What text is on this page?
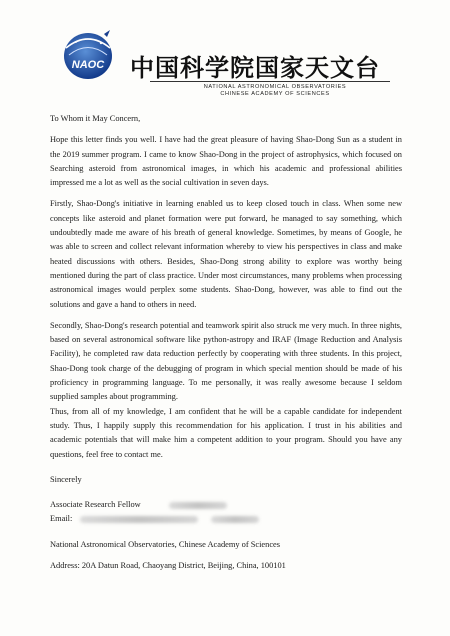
NAOC 中国科学院国家天文台
NATIONAL ASTRONOMICAL OBSERVATORIES
CHINESE ACADEMY OF SCIENCES

To Whom it May Concern,

Hope this letter finds you well. I have had the great pleasure of having Shao-Dong Sun as a student in the 2019 summer program. I came to know Shao-Dong in the project of astrophysics, which focused on Searching asteroid from astronomical images, in which his academic and professional abilities impressed me a lot as well as the social cultivation in seven days.

Firstly, Shao-Dong's initiative in learning enabled us to keep closed touch in class. When some new concepts like asteroid and planet formation were put forward, he managed to say something, which undoubtedly made me aware of his breath of general knowledge. Sometimes, by means of Google, he was able to screen and collect relevant information whereby to view his perspectives in class and make heated discussions with others. Besides, Shao-Dong strong ability to explore was worthy being mentioned during the part of class practice. Under most circumstances, many problems when processing astronomical images would perplex some students. Shao-Dong, however, was able to find out the solutions and gave a hand to others in need.

Secondly, Shao-Dong's research potential and teamwork spirit also struck me very much. In three nights, based on several astronomical software like python-astropy and IRAF (Image Reduction and Analysis Facility), he completed raw data reduction perfectly by cooperating with three students. In this project, Shao-Dong took charge of the debugging of program in which special mention should be made of his proficiency in programming language. To me personally, it was really awesome because I seldom supplied samples about programming.

Thus, from all of my knowledge, I am confident that he will be a capable candidate for independent study. Thus, I happily supply this recommendation for his application. I trust in his abilities and academic potentials that will make him a competent addition to your program. Should you have any questions, feel free to contact me.

Sincerely

Associate Research Fellow

Email:

National Astronomical Observatories, Chinese Academy of Sciences

Address: 20A Datun Road, Chaoyang District, Beijing, China, 100101
